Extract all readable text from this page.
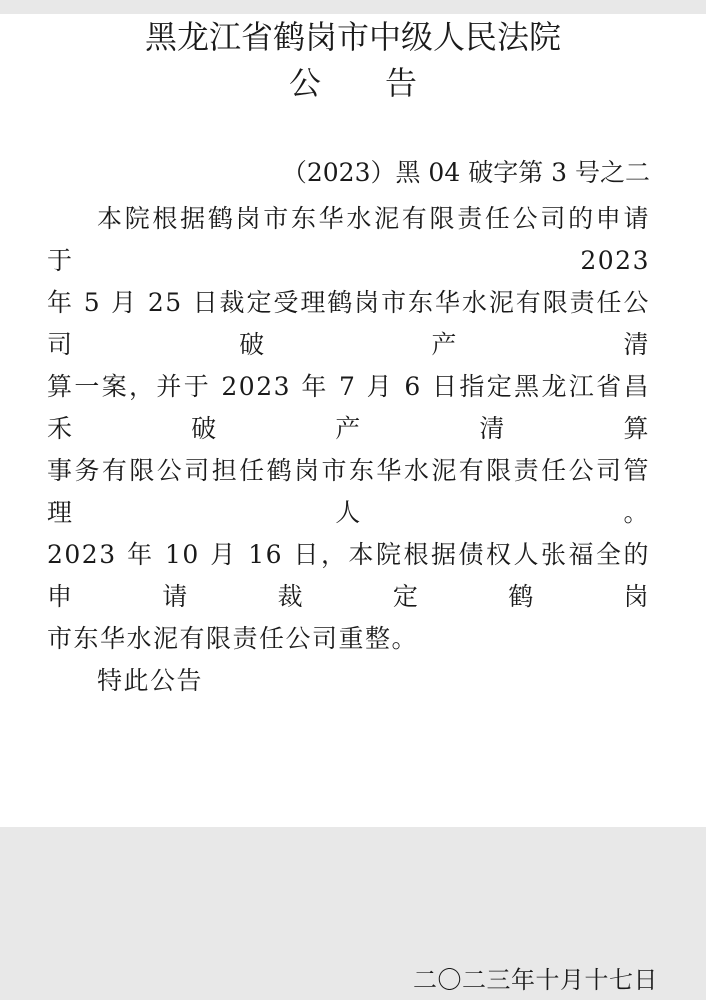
黑龙江省鹤岗市中级人民法院
公　　告
（2023）黑 04 破字第 3 号之二
本院根据鹤岗市东华水泥有限责任公司的申请于 2023
年 5 月 25 日裁定受理鹤岗市东华水泥有限责任公司破产清
算一案，并于 2023 年 7 月 6 日指定黑龙江省昌禾破产清算
事务有限公司担任鹤岗市东华水泥有限责任公司管理人。
2023 年 10 月 16 日，本院根据债权人张福全的申请裁定鹤岗
市东华水泥有限责任公司重整。
特此公告
二〇二三年十月十七日
